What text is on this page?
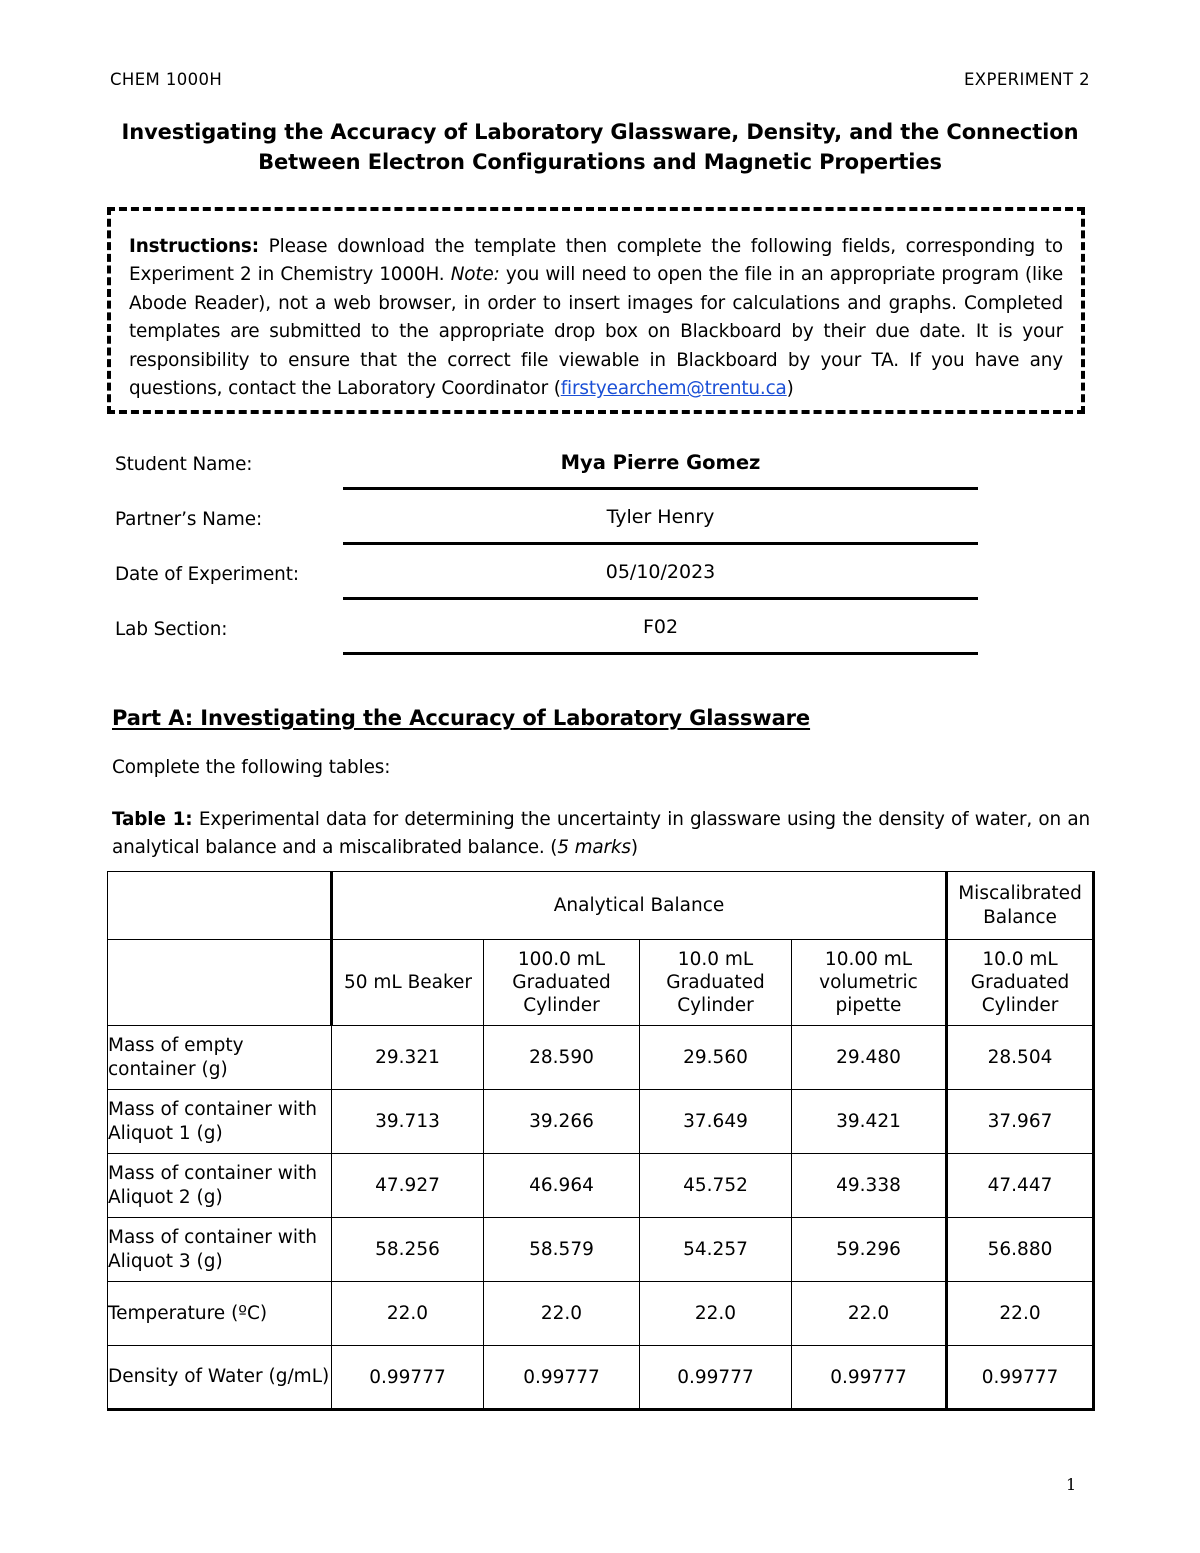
CHEM 1000H	EXPERIMENT 2
Investigating the Accuracy of Laboratory Glassware, Density, and the Connection
Between Electron Configurations and Magnetic Properties
Instructions: Please download the template then complete the following fields, corresponding to Experiment 2 in Chemistry 1000H. Note: you will need to open the file in an appropriate program (like Abode Reader), not a web browser, in order to insert images for calculations and graphs. Completed templates are submitted to the appropriate drop box on Blackboard by their due date. It is your responsibility to ensure that the correct file viewable in Blackboard by your TA. If you have any questions, contact the Laboratory Coordinator (firstyearchem@trentu.ca)
Student Name:	Mya Pierre Gomez
Partner’s Name:	Tyler Henry
Date of Experiment:	05/10/2023
Lab Section:	F02
Part A: Investigating the Accuracy of Laboratory Glassware
Complete the following tables:
Table 1: Experimental data for determining the uncertainty in glassware using the density of water, on an analytical balance and a miscalibrated balance. (5 marks)
	Analytical Balance				Miscalibrated Balance
	50 mL Beaker	100.0 mL Graduated Cylinder	10.0 mL Graduated Cylinder	10.00 mL volumetric pipette	10.0 mL Graduated Cylinder
Mass of empty container (g)	29.321	28.590	29.560	29.480	28.504
Mass of container with Aliquot 1 (g)	39.713	39.266	37.649	39.421	37.967
Mass of container with Aliquot 2 (g)	47.927	46.964	45.752	49.338	47.447
Mass of container with Aliquot 3 (g)	58.256	58.579	54.257	59.296	56.880
Temperature (ºC)	22.0	22.0	22.0	22.0	22.0
Density of Water (g/mL)	0.99777	0.99777	0.99777	0.99777	0.99777
1
